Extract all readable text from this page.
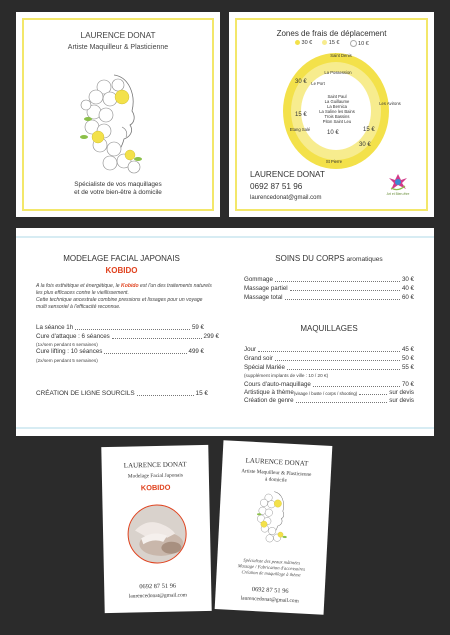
LAURENCE DONAT
Artiste Maquilleur & Plasticienne
Spécialiste de vos maquillages
et de votre bien-être à domicile
Zones de frais de déplacement
30 €	15 €	10 €
Saint Denis
La Possession
Le Port
Saint Paul
La Guillaume
La Bernica
La Saline les Bains
Trois Bassins
Piton Saint Leu
Les Avirons
Etang Salé
St Pierre
30 €
15 €
10 €	15 €
30 €
LAURENCE DONAT
0692 87 51 96
laurencedonat@gmail.com
Art et Bien-être
MODELAGE FACIAL JAPONAIS
KOBIDO
A la fois esthétique et énergétique, le Kobido est l'un des traitements naturels les plus efficaces contre le vieillissement.
Cette technique ancestrale combine pressions et lissages pour un voyage multi sensoriel à l'efficacité reconnue.
La séance 1h	59 €
Cure d'attaque : 6 séances	299 €
(1x/sem pendant 6 semaines)
Cure lifting : 10 séances	499 €
(2x/sem pendant 5 semaines)
CRÉATION DE LIGNE SOURCILS	15 €
SOINS DU CORPS aromatiques
Gommage	30 €
Massage partiel	40 €
Massage total	60 €
MAQUILLAGES
Jour	45 €
Grand soir	50 €
Spécial Mariée	55 €
(supplément implants de ville : 10 / 20 €)
Cours d'auto-maquillage	70 €
Artistique à thème (visage / buste / corps / shooting)	sur devis
Création de genre	sur devis
LAURENCE DONAT
Modelage Facial Japonais
KOBIDO
0692 87 51 96
laurencedonat@gmail.com
LAURENCE DONAT
Artiste Maquilleur & Plasticienne
à domicile
Spécialiste des peaux mâtinées
Massage / Fabrication d'accessoires
Création de maquillage à thème
0692 87 51 96
laurencedonat@gmail.com
